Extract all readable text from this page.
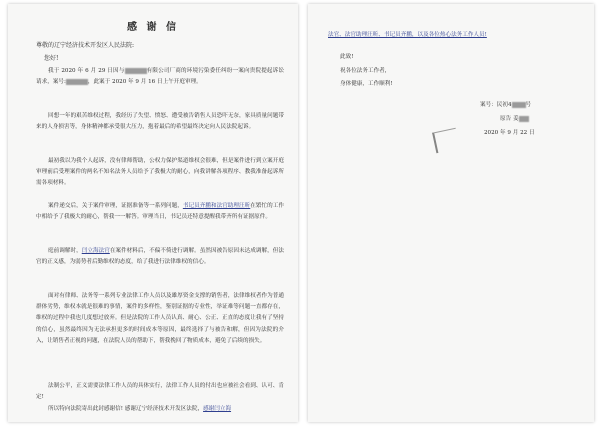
感 谢 信
尊敬的辽宁经济技术开发区人民法院:
您好!
我于 2020 年 6 月 29 日因与	有限公司厂商的环境污染委任纠纷一案向贵院提起诉讼请求，案号:	，此案于 2020 年 9 月 16 日上午开庭审理。
回想一年的艰苦维权过程，我经历了失望、愤怒、遭受被告销售人员恐吓无奈，家具质量问题带来的人身损害等，身体精神都承受很大压力，抱着最后的希望最终决定向人民法院起诉。
最初我以为我个人起诉，没有律师帮助，公权力保护渠道维权会很难，但是案件进行到立案开庭审理前后受理案件的两名不知名法务人员给予了我极大的耐心，向我讲解各项程序、教我准备起诉所需各项材料。
案件递交后，关于案件审理，证据准备等一系列问题，书记员齐鹏和法官助理汪昕在繁忙的工作中相给予了我极大的耐心，帮我一一解答。审理当日，书记员还特意提醒我带齐所有证据原件。
庭前调解时，闫立海法官在案件材料后，不偏不倚进行调解。虽然因被告原因未达成调解，但法官的正义感，为弱势者后勤维权的态度，给了我进行法律维权的信心。
面对有律师、法务等一系列专业法律工作人员以及雄厚资金支撑的销售者，法律维权者作为普通群体劣势，维权本就是很难的事情，案件的多样性，鉴别证据的专业性，举证难等问题一直都存在，维权的过程中我也几度想过放弃。但是法院的工作人员认真、耐心、公正、正直的态度让我有了坚持的信心，虽然最终因为无法承担更多的时间成本等原因，最终选择了与被告和解，但因为法院的介入，让销售者正视的问题，在法院人员的帮助下，帮我挽回了物质成本，避免了后续的损失。
法制公平，正义需要法律工作人员的具体实行，法律工作人员的付出也应被社会看到、认可、肯定!
所以特向法院寄出此封感谢信! 感谢辽宁经济技术开发区法院，感谢闫立海
法官、法官助理汪昕、书记员齐鹏，以及各位热心法务工作人员!
此致!
祝各位法务工作者，
身体健康，工作顺利!
案号：民初4	号
原告 姜
2020 年 9 月 22 日
